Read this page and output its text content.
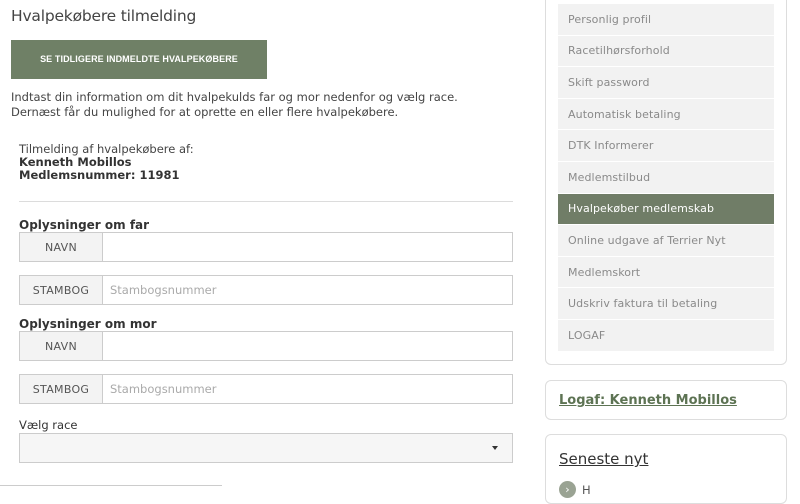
Hvalpekøbere tilmelding
SE TIDLIGERE INDMELDTE HVALPEKØBERE

Indtast din information om dit hvalpekulds far og mor nedenfor og vælg race.

Dernæst får du mulighed for at oprette en eller flere hvalpekøbere.

Tilmelding af hvalpekøbere af:
Kenneth Mobillos
Medlemsnummer: 11981
Oplysninger om far
NAVN
STAMBOG
Stambogsnummer
Oplysninger om mor
NAVN
STAMBOG
Stambogsnummer
Vælg race
Personlig profil
Racetilhørsforhold
Skift password
Automatisk betaling
DTK Informerer
Medlemstilbud
Hvalpekøber medlemskab
Online udgave af Terrier Nyt
Medlemskort
Udskriv faktura til betaling
LOGAF
Logaf: Kenneth Mobillos
Seneste nyt
›	H
